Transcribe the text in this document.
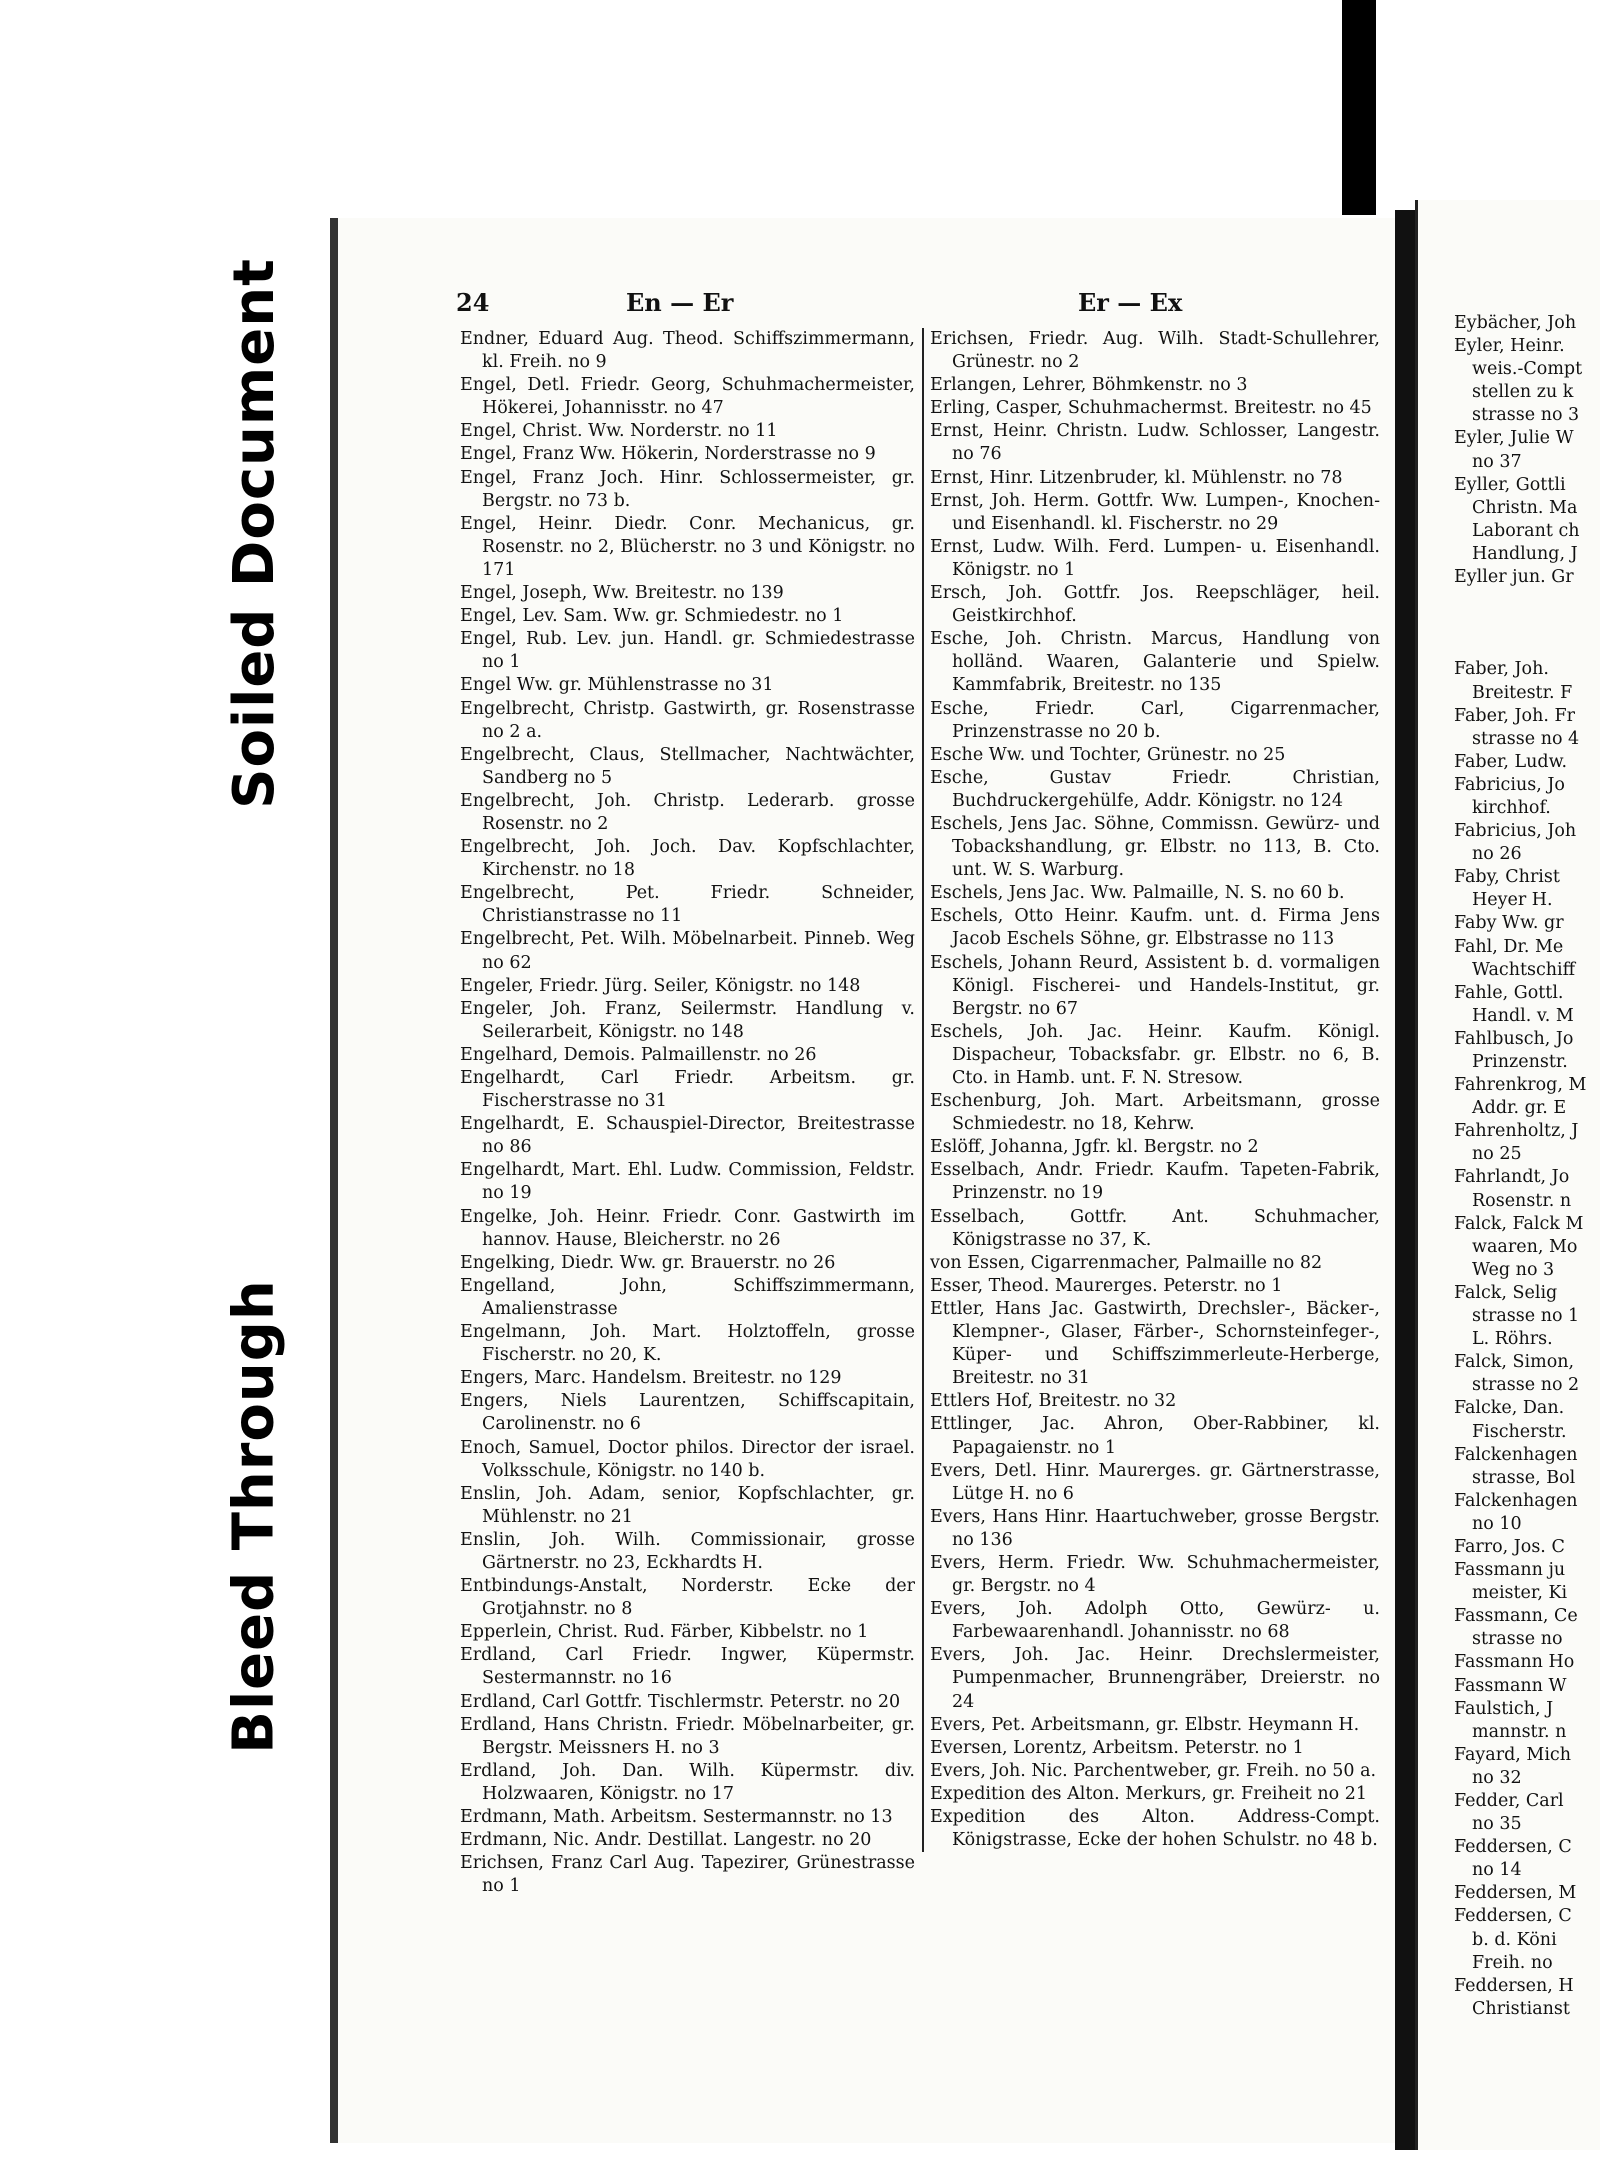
Soiled Document
Bleed Through
24	En — Er	Er — Ex
Endner, Eduard Aug. Theod. Schiffszimmermann, kl. Freih. no 9
Engel, Detl. Friedr. Georg, Schuhmachermeister, Hökerei, Johannisstr. no 47
Engel, Christ. Ww. Norderstr. no 11
Engel, Franz Ww. Hökerin, Norderstrasse no 9
Engel, Franz Joch. Hinr. Schlossermeister, gr. Bergstr. no 73 b.
Engel, Heinr. Diedr. Conr. Mechanicus, gr. Rosenstr. no 2, Blücherstr. no 3 und Königstr. no 171
Engel, Joseph, Ww. Breitestr. no 139
Engel, Lev. Sam. Ww. gr. Schmiedestr. no 1
Engel, Rub. Lev. jun. Handl. gr. Schmiedestrasse no 1
Engel Ww. gr. Mühlenstrasse no 31
Engelbrecht, Christp. Gastwirth, gr. Rosenstrasse no 2 a.
Engelbrecht, Claus, Stellmacher, Nachtwächter, Sandberg no 5
Engelbrecht, Joh. Christp. Lederarb. grosse Rosenstr. no 2
Engelbrecht, Joh. Joch. Dav. Kopfschlachter, Kirchenstr. no 18
Engelbrecht, Pet. Friedr. Schneider, Christianstrasse no 11
Engelbrecht, Pet. Wilh. Möbelnarbeit. Pinneb. Weg no 62
Engeler, Friedr. Jürg. Seiler, Königstr. no 148
Engeler, Joh. Franz, Seilermstr. Handlung v. Seilerarbeit, Königstr. no 148
Engelhard, Demois. Palmaillenstr. no 26
Engelhardt, Carl Friedr. Arbeitsm. gr. Fischerstrasse no 31
Engelhardt, E. Schauspiel-Director, Breitestrasse no 86
Engelhardt, Mart. Ehl. Ludw. Commission, Feldstr. no 19
Engelke, Joh. Heinr. Friedr. Conr. Gastwirth im hannov. Hause, Bleicherstr. no 26
Engelking, Diedr. Ww. gr. Brauerstr. no 26
Engelland, John, Schiffszimmermann, Amalienstrasse
Engelmann, Joh. Mart. Holztoffeln, grosse Fischerstr. no 20, K.
Engers, Marc. Handelsm. Breitestr. no 129
Engers, Niels Laurentzen, Schiffscapitain, Carolinenstr. no 6
Enoch, Samuel, Doctor philos. Director der israel. Volksschule, Königstr. no 140 b.
Enslin, Joh. Adam, senior, Kopfschlachter, gr. Mühlenstr. no 21
Enslin, Joh. Wilh. Commissionair, grosse Gärtnerstr. no 23, Eckhardts H.
Entbindungs-Anstalt, Norderstr. Ecke der Grotjahnstr. no 8
Epperlein, Christ. Rud. Färber, Kibbelstr. no 1
Erdland, Carl Friedr. Ingwer, Küpermstr. Sestermannstr. no 16
Erdland, Carl Gottfr. Tischlermstr. Peterstr. no 20
Erdland, Hans Christn. Friedr. Möbelnarbeiter, gr. Bergstr. Meissners H. no 3
Erdland, Joh. Dan. Wilh. Küpermstr. div. Holzwaaren, Königstr. no 17
Erdmann, Math. Arbeitsm. Sestermannstr. no 13
Erdmann, Nic. Andr. Destillat. Langestr. no 20
Erichsen, Franz Carl Aug. Tapezirer, Grünestrasse no 1
Erichsen, Friedr. Aug. Wilh. Stadt-Schullehrer, Grünestr. no 2
Erlangen, Lehrer, Böhmkenstr. no 3
Erling, Casper, Schuhmachermst. Breitestr. no 45
Ernst, Heinr. Christn. Ludw. Schlosser, Langestr. no 76
Ernst, Hinr. Litzenbruder, kl. Mühlenstr. no 78
Ernst, Joh. Herm. Gottfr. Ww. Lumpen-, Knochen- und Eisenhandl. kl. Fischerstr. no 29
Ernst, Ludw. Wilh. Ferd. Lumpen- u. Eisenhandl. Königstr. no 1
Ersch, Joh. Gottfr. Jos. Reepschläger, heil. Geistkirchhof.
Esche, Joh. Christn. Marcus, Handlung von holländ. Waaren, Galanterie und Spielw. Kammfabrik, Breitestr. no 135
Esche, Friedr. Carl, Cigarrenmacher, Prinzenstrasse no 20 b.
Esche Ww. und Tochter, Grünestr. no 25
Esche, Gustav Friedr. Christian, Buchdruckergehülfe, Addr. Königstr. no 124
Eschels, Jens Jac. Söhne, Commissn. Gewürz- und Tobackshandlung, gr. Elbstr. no 113, B. Cto. unt. W. S. Warburg.
Eschels, Jens Jac. Ww. Palmaille, N. S. no 60 b.
Eschels, Otto Heinr. Kaufm. unt. d. Firma Jens Jacob Eschels Söhne, gr. Elbstrasse no 113
Eschels, Johann Reurd, Assistent b. d. vormaligen Königl. Fischerei- und Handels-Institut, gr. Bergstr. no 67
Eschels, Joh. Jac. Heinr. Kaufm. Königl. Dispacheur, Tobacksfabr. gr. Elbstr. no 6, B. Cto. in Hamb. unt. F. N. Stresow.
Eschenburg, Joh. Mart. Arbeitsmann, grosse Schmiedestr. no 18, Kehrw.
Eslöff, Johanna, Jgfr. kl. Bergstr. no 2
Esselbach, Andr. Friedr. Kaufm. Tapeten-Fabrik, Prinzenstr. no 19
Esselbach, Gottfr. Ant. Schuhmacher, Königstrasse no 37, K.
von Essen, Cigarrenmacher, Palmaille no 82
Esser, Theod. Maurerges. Peterstr. no 1
Ettler, Hans Jac. Gastwirth, Drechsler-, Bäcker-, Klempner-, Glaser, Färber-, Schornsteinfeger-, Küper- und Schiffszimmerleute-Herberge, Breitestr. no 31
Ettlers Hof, Breitestr. no 32
Ettlinger, Jac. Ahron, Ober-Rabbiner, kl. Papagaienstr. no 1
Evers, Detl. Hinr. Maurerges. gr. Gärtnerstrasse, Lütge H. no 6
Evers, Hans Hinr. Haartuchweber, grosse Bergstr. no 136
Evers, Herm. Friedr. Ww. Schuhmachermeister, gr. Bergstr. no 4
Evers, Joh. Adolph Otto, Gewürz- u. Farbewaarenhandl. Johannisstr. no 68
Evers, Joh. Jac. Heinr. Drechslermeister, Pumpenmacher, Brunnengräber, Dreierstr. no 24
Evers, Pet. Arbeitsmann, gr. Elbstr. Heymann H.
Eversen, Lorentz, Arbeitsm. Peterstr. no 1
Evers, Joh. Nic. Parchentweber, gr. Freih. no 50 a.
Expedition des Alton. Merkurs, gr. Freiheit no 21
Expedition des Alton. Address-Compt. Königstrasse, Ecke der hohen Schulstr. no 48 b.
Eybächer, Joh
Eyler, Heinr.
weis.-Compt
stellen zu k
strasse no 3
Eyler, Julie W
no 37
Eyller, Gottli
Christn. Ma
Laborant ch
Handlung, J
Eyller jun. Gr
Faber, Joh.
Breitestr. F
Faber, Joh. Fr
strasse no 4
Faber, Ludw.
Fabricius, Jo
kirchhof.
Fabricius, Joh
no 26
Faby, Christ
Heyer H.
Faby Ww. gr
Fahl, Dr. Me
Wachtschiff
Fahle, Gottl.
Handl. v. M
Fahlbusch, Jo
Prinzenstr.
Fahrenkrog, M
Addr. gr. E
Fahrenholtz, J
no 25
Fahrlandt, Jo
Rosenstr. n
Falck, Falck M
waaren, Mo
Weg no 3
Falck, Selig
strasse no 1
L. Röhrs.
Falck, Simon,
strasse no 2
Falcke, Dan.
Fischerstr.
Falckenhagen
strasse, Bol
Falckenhagen
no 10
Farro, Jos. C
Fassmann ju
meister, Ki
Fassmann, Ce
strasse no
Fassmann Ho
Fassmann W
Faulstich, J
mannstr. n
Fayard, Mich
no 32
Fedder, Carl
no 35
Feddersen, C
no 14
Feddersen, M
Feddersen, C
b. d. Köni
Freih. no
Feddersen, H
Christianst
